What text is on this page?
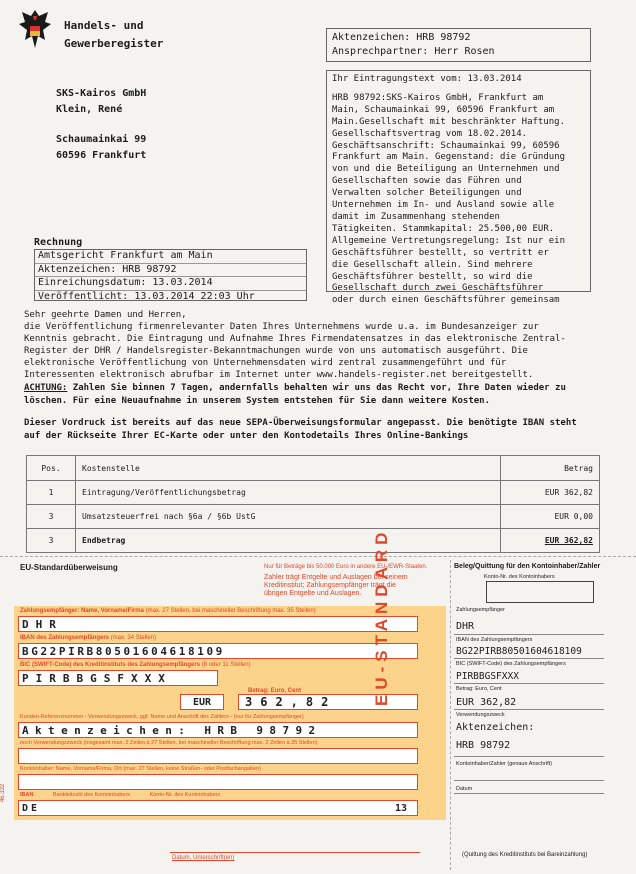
Handels- und
Gewerberegister	Aktenzeichen: HRB 98792
Ansprechpartner: Herr Rosen
SKS-Kairos GmbH
Klein, René
Schaumainkai 99
60596 Frankfurt
Ihr Eintragungstext vom: 13.03.2014
HRB 98792:SKS-Kairos GmbH, Frankfurt am
Main, Schaumainkai 99, 60596 Frankfurt am
Main.Gesellschaft mit beschränkter Haftung.
Gesellschaftsvertrag vom 18.02.2014.
Geschäftsanschrift: Schaumainkai 99, 60596
Frankfurt am Main. Gegenstand: die Gründung
von und die Beteiligung an Unternehmen und
Gesellschaften sowie das Führen und
Verwalten solcher Beteiligungen und
Unternehmen im In- und Ausland sowie alle
damit im Zusammenhang stehenden
Tätigkeiten. Stammkapital: 25.500,00 EUR.
Allgemeine Vertretungsregelung: Ist nur ein
Geschäftsführer bestellt, so vertritt er
die Gesellschaft allein. Sind mehrere
Geschäftsführer bestellt, so wird die
Gesellschaft durch zwei Geschäftsführer
oder durch einen Geschäftsführer gemeinsam
Rechnung
Amtsgericht Frankfurt am Main
Aktenzeichen: HRB 98792
Einreichungsdatum: 13.03.2014
Veröffentlicht: 13.03.2014 22:03 Uhr
Sehr geehrte Damen und Herren,
die Veröffentlichung firmenrelevanter Daten Ihres Unternehmens wurde u.a. im Bundesanzeiger zur
Kenntnis gebracht. Die Eintragung und Aufnahme Ihres Firmendatensatzes in das elektronische Zentral-
Register der DHR / Handelsregister-Bekanntmachungen wurde von uns automatisch ausgeführt. Die
elektronische Veröffentlichung von Unternehmensdaten wird zentral zusammengeführt und für
Interessenten elektronisch abrufbar im Internet unter www.handels-register.net bereitgestellt.
ACHTUNG: Zahlen Sie binnen 7 Tagen, andernfalls behalten wir uns das Recht vor, Ihre Daten wieder zu
löschen. Für eine Neuaufnahme in unserem System entstehen für Sie dann weitere Kosten.
Dieser Vordruck ist bereits auf das neue SEPA-Überweisungsformular angepasst. Die benötigte IBAN steht
auf der Rückseite Ihrer EC-Karte oder unter den Kontodetails Ihres Online-Bankings
Pos.	Kostenstelle	Betrag
1	Eintragung/Veröffentlichungsbetrag	EUR 362,82
3	Umsatzsteuerfrei nach §6a / §6b UstG	EUR 0,00
3	Endbetrag	EUR 362,82
EU-Standardüberweisung	Nur für Beträge bis 50.000 Euro in andere EU-/EWR-Staaten.
Zahler trägt Entgelte und Auslagen bei seinem
Kreditinstitut; Zahlungsempfänger trägt die
übrigen Entgelte und Auslagen.
46.332
Zahlungsempfänger: Name, Vorname/Firma (max. 27 Stellen, bei maschineller Beschriftung max. 35 Stellen)
DHR
IBAN des Zahlungsempfängers (max. 34 Stellen)
BG22PIRB80501604618109
BIC (SWIFT-Code) des Kreditinstituts des Zahlungsempfängers (8 oder 11 Stellen)
PIRBBGSFXXX
Betrag: Euro, Cent
EUR	362,82
Kunden-Referenznummer - Verwendungszweck, ggf. Name und Anschrift des Zahlers - (nur für Zahlungsempfänger)
Aktenzeichen: HRB 98792
noch Verwendungszweck (insgesamt max. 2 Zeilen à 27 Stellen, bei maschineller Beschriftung max. 2 Zeilen à 35 Stellen)
Kontoinhaber: Name, Vorname/Firma, Ort (max. 27 Stellen, keine Straßen- oder Postfachangaben)
IBAN	Bankleitzahl des Kontoinhabers	Konto-Nr. des Kontoinhabers
DE	13
EU-STANDARD
Datum, Unterschrift(en)
Beleg/Quittung für den Kontoinhaber/Zahler
Konto-Nr. des Kontoinhabers
Zahlungsempfänger
DHR
IBAN des Zahlungsempfängers
BG22PIRB80501604618109
BIC (SWIFT-Code) des Zahlungsempfängers
PIRBBGSFXXX
Betrag: Euro, Cent
EUR 362,82
Verwendungszweck
Aktenzeichen:
HRB 98792
Kontoinhaber/Zahler (genaue Anschrift)
Datum
(Quittung des Kreditinstituts bei Bareinzahlung)
